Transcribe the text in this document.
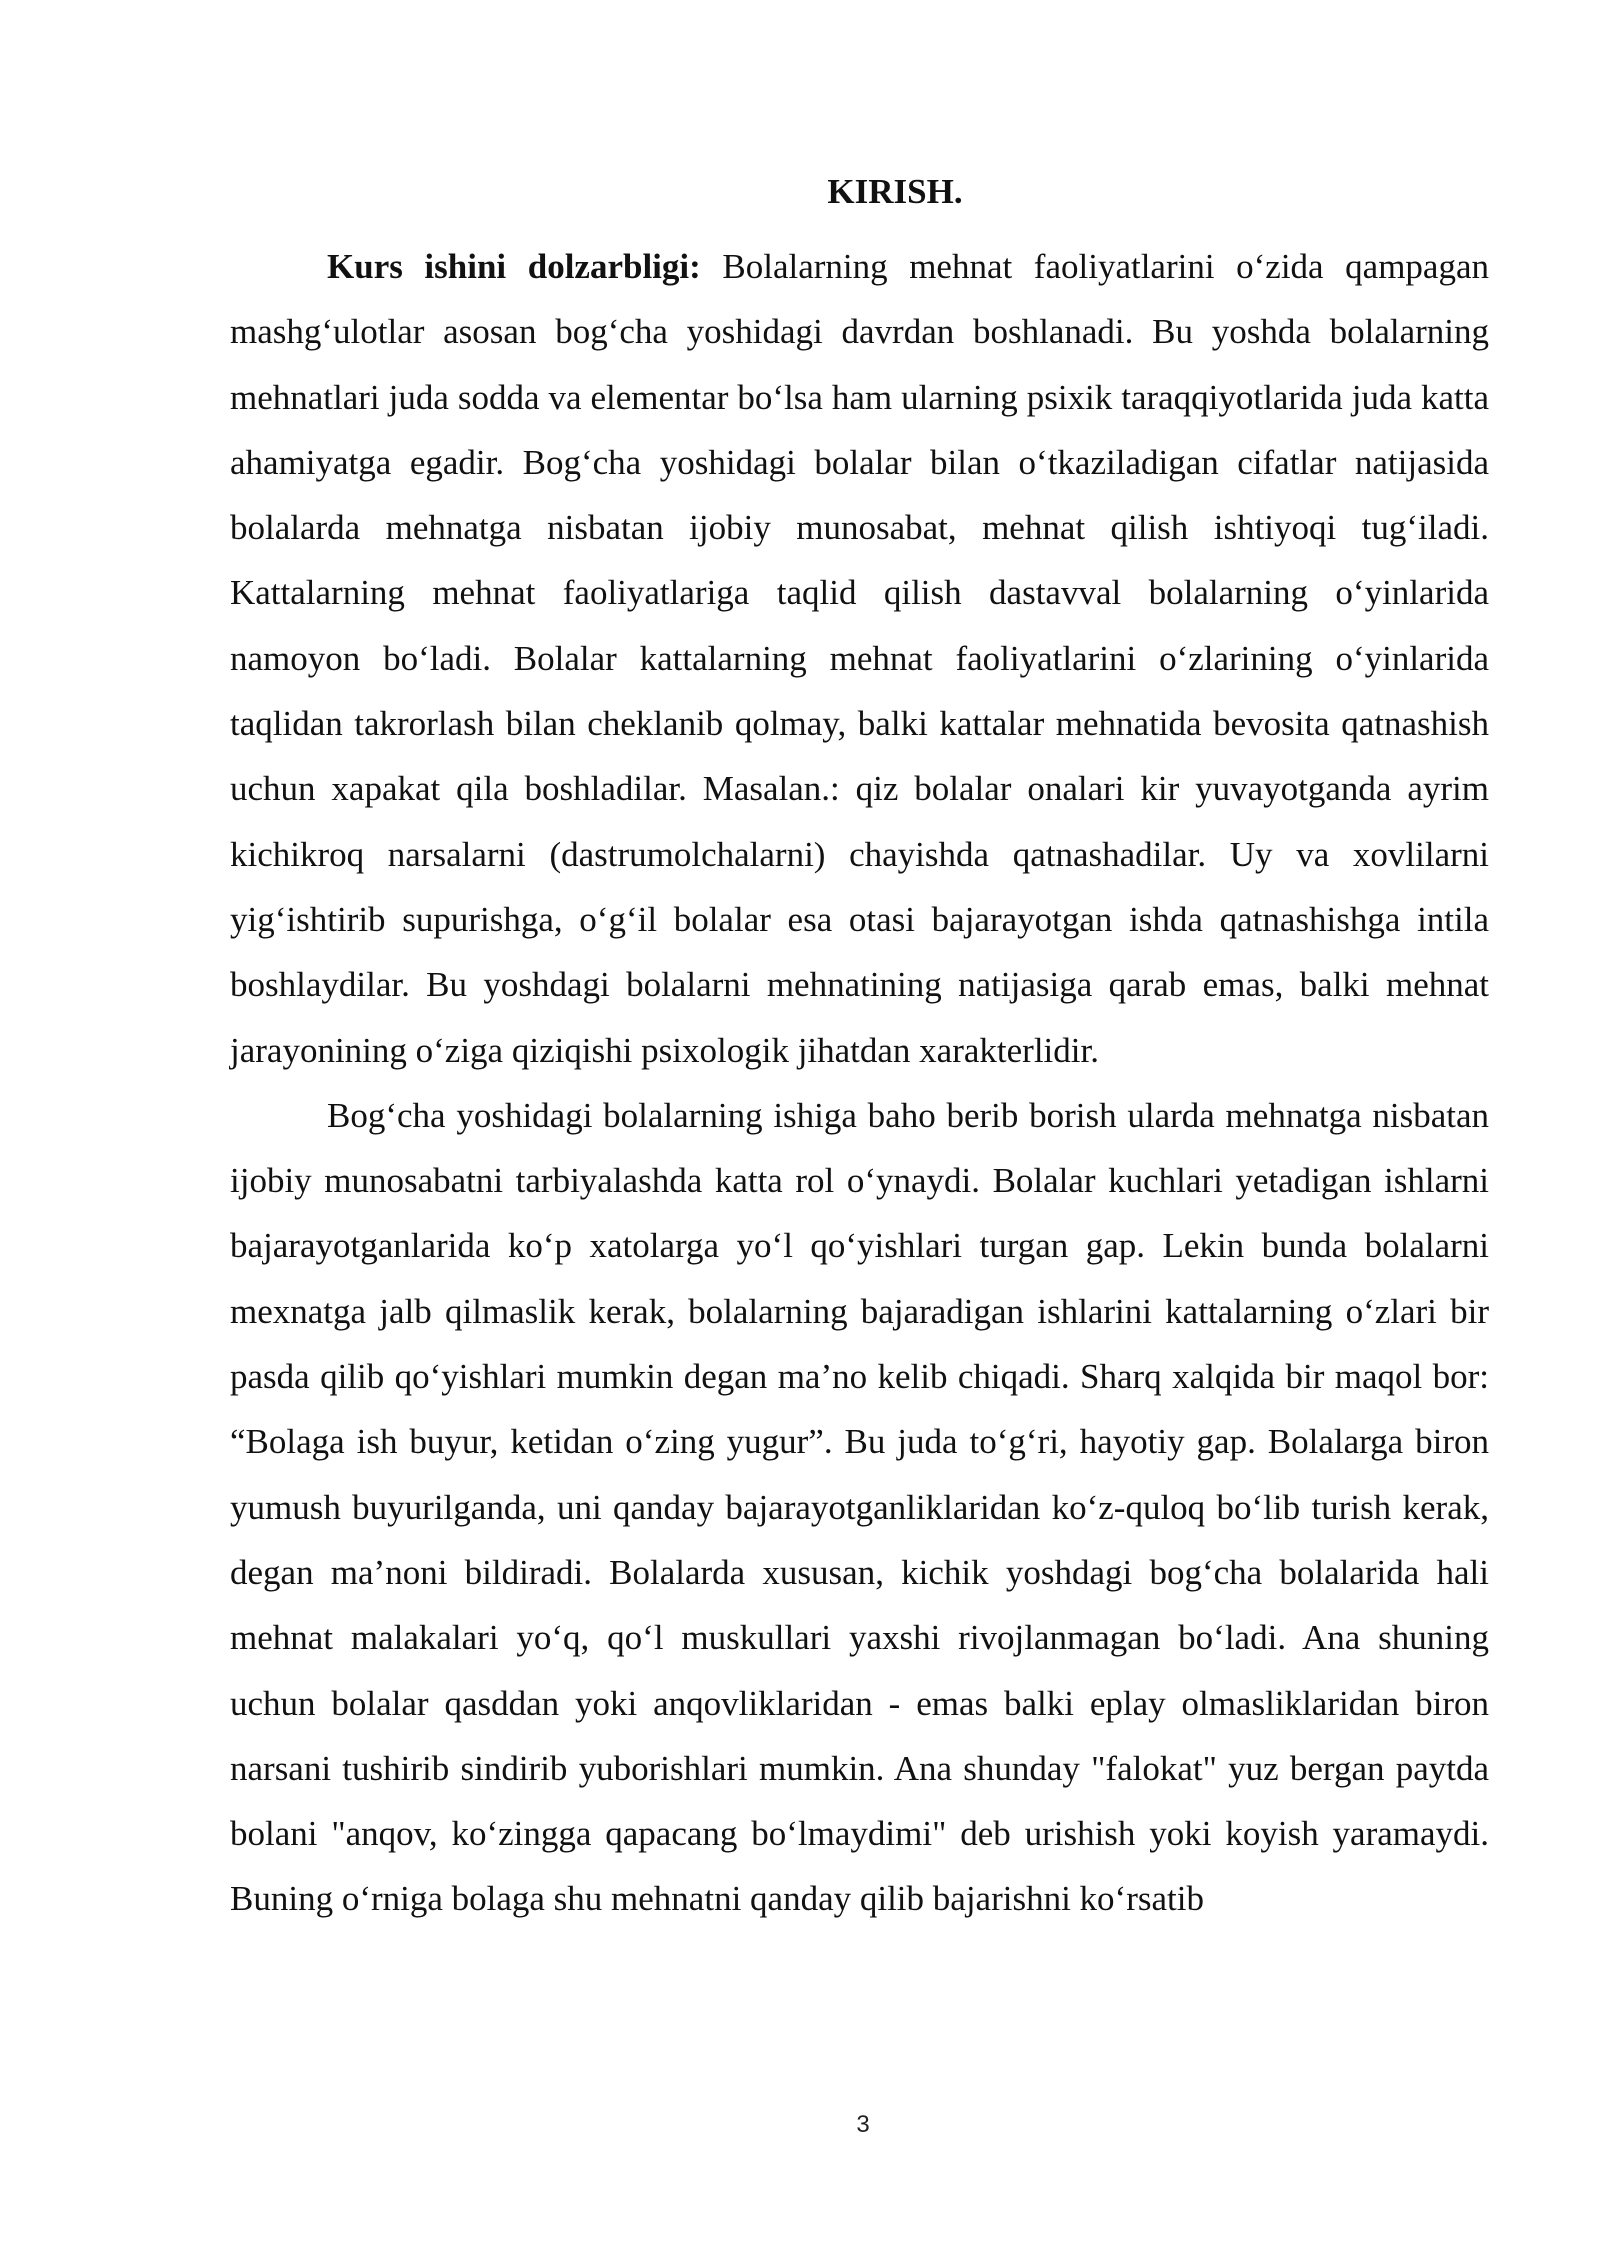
KIRISH.

Kurs ishini dolzarbligi: Bolalarning mehnat faoliyatlarini o‘zida qampagan mashg‘ulotlar asosan bog‘cha yoshidagi davrdan boshlanadi. Bu yoshda bolalarning mehnatlari juda sodda va elementar bo‘lsa ham ularning psixik taraqqiyotlarida juda katta ahamiyatga egadir. Bog‘cha yoshidagi bolalar bilan o‘tkaziladigan cifatlar natijasida bolalarda mehnatga nisbatan ijobiy munosabat, mehnat qilish ishtiyoqi tug‘iladi. Kattalarning mehnat faoliyatlariga taqlid qilish dastavval bolalarning o‘yinlarida namoyon bo‘ladi. Bolalar kattalarning mehnat faoliyatlarini o‘zlarining o‘yinlarida taqlidan takrorlash bilan cheklanib qolmay, balki kattalar mehnatida bevosita qatnashish uchun xapakat qila boshladilar. Masalan.: qiz bolalar onalari kir yuvayotganda ayrim kichikroq narsalarni (dastrumolchalarni) chayishda qatnashadilar. Uy va xovlilarni yig‘ishtirib supurishga, o‘g‘il bolalar esa otasi bajarayotgan ishda qatnashishga intila boshlaydilar. Bu yoshdagi bolalarni mehnatining natijasiga qarab emas, balki mehnat jarayonining o‘ziga qiziqishi psixologik jihatdan xarakterlidir.

Bog‘cha yoshidagi bolalarning ishiga baho berib borish ularda mehnatga nisbatan ijobiy munosabatni tarbiyalashda katta rol o‘ynaydi. Bolalar kuchlari yetadigan ishlarni bajarayotganlarida ko‘p xatolarga yo‘l qo‘yishlari turgan gap. Lekin bunda bolalarni mexnatga jalb qilmaslik kerak, bolalarning bajaradigan ishlarini kattalarning o‘zlari bir pasda qilib qo‘yishlari mumkin degan ma’no kelib chiqadi. Sharq xalqida bir maqol bor: “Bolaga ish buyur, ketidan o‘zing yugur”. Bu juda to‘g‘ri, hayotiy gap. Bolalarga biron yumush buyurilganda, uni qanday bajarayotganliklaridan ko‘z-quloq bo‘lib turish kerak, degan ma’noni bildiradi. Bolalarda xususan, kichik yoshdagi bog‘cha bolalarida hali mehnat malakalari yo‘q, qo‘l muskullari yaxshi rivojlanmagan bo‘ladi. Ana shuning uchun bolalar qasddan yoki anqovliklaridan - emas balki eplay olmasliklaridan biron narsani tushirib sindirib yuborishlari mumkin. Ana shunday "falokat" yuz bergan paytda bolani "anqov, ko‘zingga qapacang bo‘lmaydimi" deb urishish yoki koyish yaramaydi. Buning o‘rniga bolaga shu mehnatni qanday qilib bajarishni ko‘rsatib

3
